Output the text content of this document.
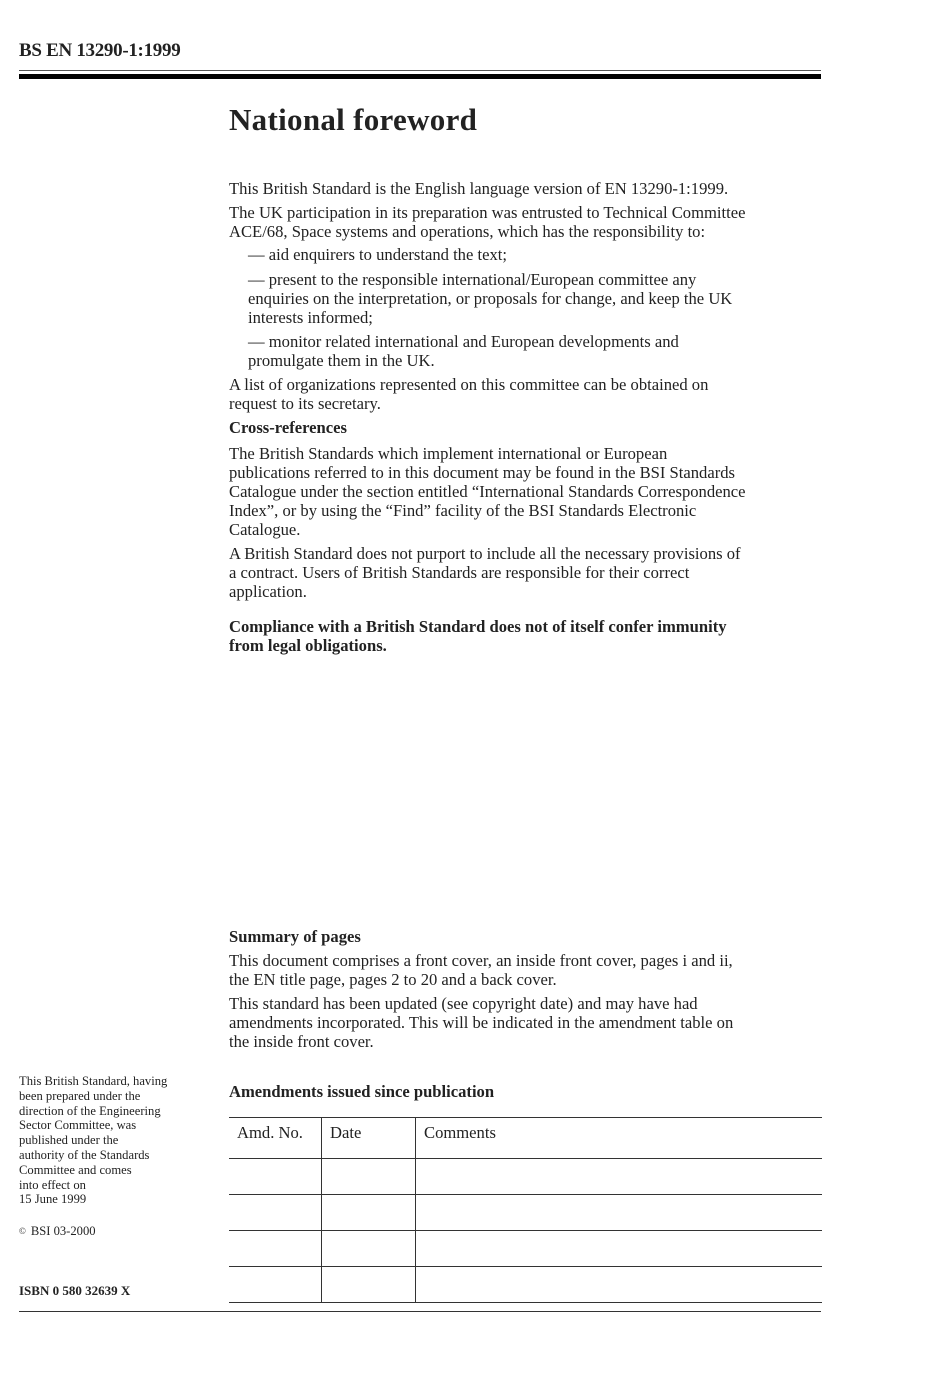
BS EN 13290-1:1999
National foreword
This British Standard is the English language version of EN 13290-1:1999.
The UK participation in its preparation was entrusted to Technical Committee
ACE/68, Space systems and operations, which has the responsibility to:
— aid enquirers to understand the text;
— present to the responsible international/European committee any
enquiries on the interpretation, or proposals for change, and keep the UK
interests informed;
— monitor related international and European developments and
promulgate them in the UK.
A list of organizations represented on this committee can be obtained on
request to its secretary.
Cross-references
The British Standards which implement international or European
publications referred to in this document may be found in the BSI Standards
Catalogue under the section entitled “International Standards Correspondence
Index”, or by using the “Find” facility of the BSI Standards Electronic
Catalogue.
A British Standard does not purport to include all the necessary provisions of
a contract. Users of British Standards are responsible for their correct
application.
Compliance with a British Standard does not of itself confer immunity
from legal obligations.
Summary of pages
This document comprises a front cover, an inside front cover, pages i and ii,
the EN title page, pages 2 to 20 and a back cover.
This standard has been updated (see copyright date) and may have had
amendments incorporated. This will be indicated in the amendment table on
the inside front cover.
Amendments issued since publication
Amd. No.	Date	Comments

This British Standard, having
been prepared under the
direction of the Engineering
Sector Committee, was
published under the
authority of the Standards
Committee and comes
into effect on
15 June 1999
© BSI 03-2000
ISBN 0 580 32639 X
